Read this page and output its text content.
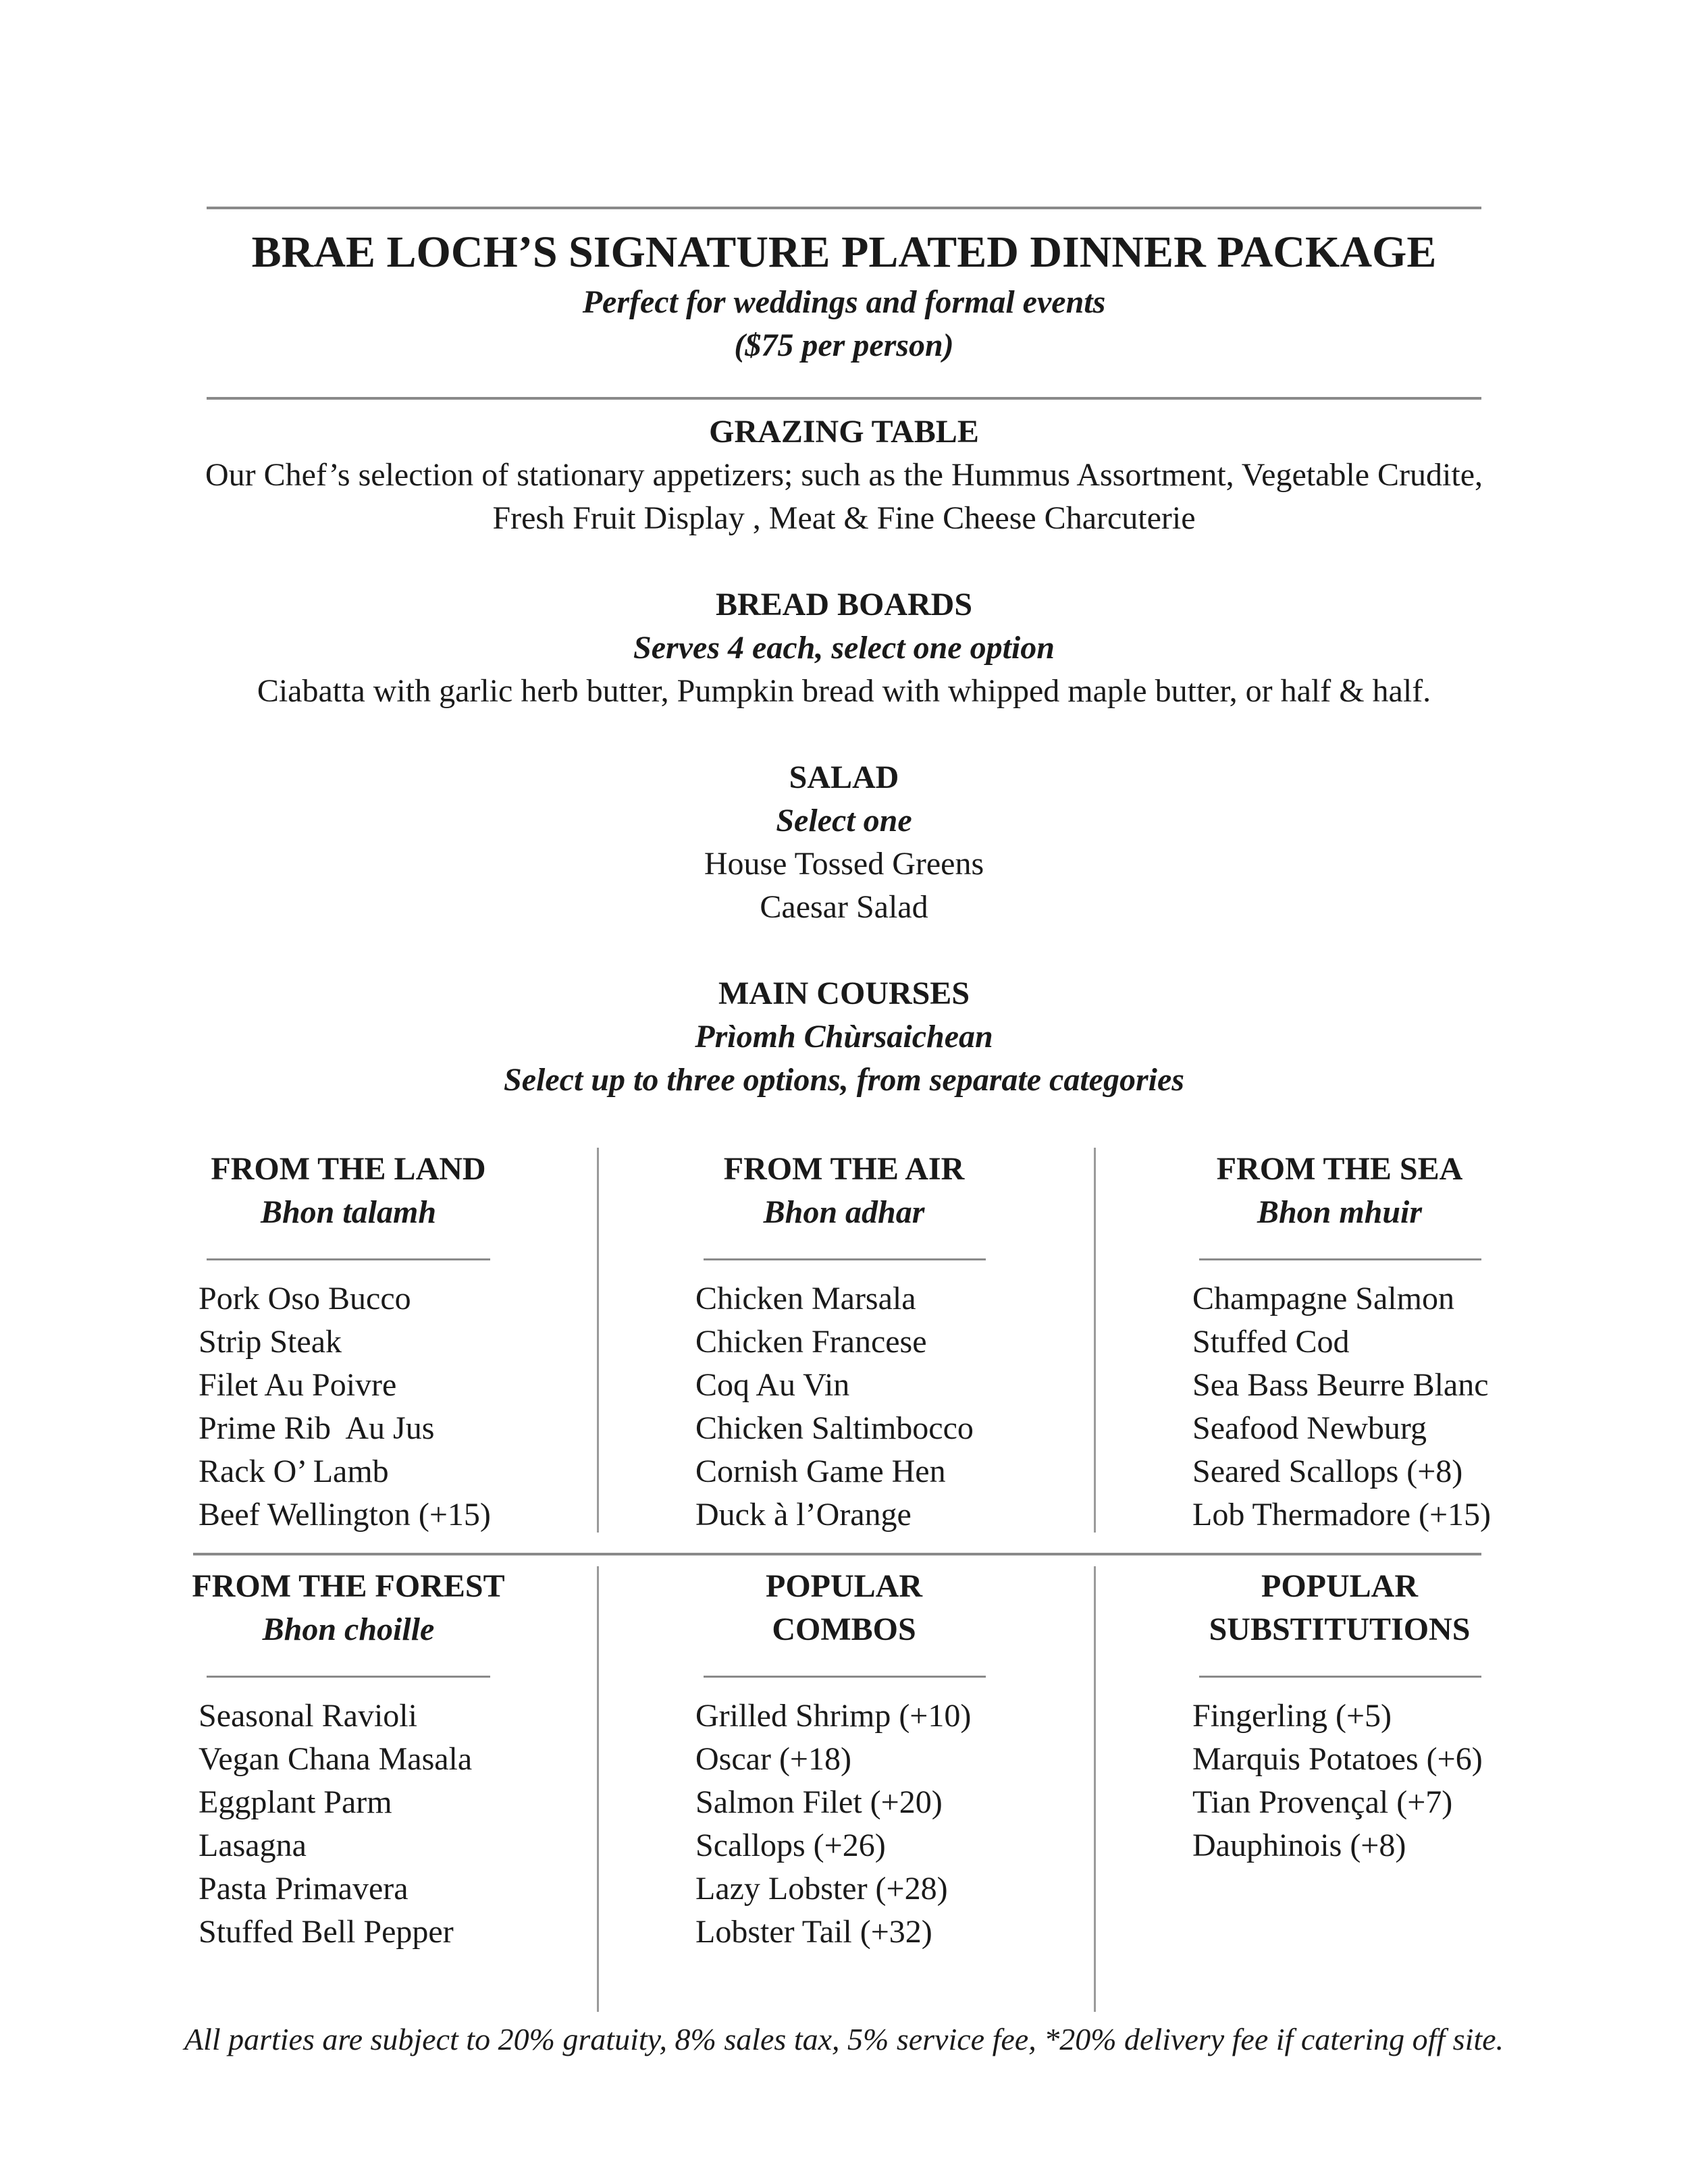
BRAE LOCH’S SIGNATURE PLATED DINNER PACKAGE
Perfect for weddings and formal events
($75 per person)
GRAZING TABLE
Our Chef’s selection of stationary appetizers; such as the Hummus Assortment, Vegetable Crudite,
Fresh Fruit Display , Meat & Fine Cheese Charcuterie
BREAD BOARDS
Serves 4 each, select one option
Ciabatta with garlic herb butter, Pumpkin bread with whipped maple butter, or half & half.
SALAD
Select one
House Tossed Greens
Caesar Salad
MAIN COURSES
Prìomh Chùrsaichean
Select up to three options, from separate categories
FROM THE LAND
Bhon talamh
Pork Oso Bucco
Strip Steak
Filet Au Poivre
Prime Rib  Au Jus
Rack O’ Lamb
Beef Wellington (+15)
FROM THE AIR
Bhon adhar
Chicken Marsala
Chicken Francese
Coq Au Vin
Chicken Saltimbocco
Cornish Game Hen
Duck à l’Orange
FROM THE SEA
Bhon mhuir
Champagne Salmon
Stuffed Cod
Sea Bass Beurre Blanc
Seafood Newburg
Seared Scallops (+8)
Lob Thermadore (+15)
FROM THE FOREST
Bhon choille
Seasonal Ravioli
Vegan Chana Masala
Eggplant Parm
Lasagna
Pasta Primavera
Stuffed Bell Pepper
POPULAR
COMBOS
Grilled Shrimp (+10)
Oscar (+18)
Salmon Filet (+20)
Scallops (+26)
Lazy Lobster (+28)
Lobster Tail (+32)
POPULAR
SUBSTITUTIONS
Fingerling (+5)
Marquis Potatoes (+6)
Tian Provençal (+7)
Dauphinois (+8)
All parties are subject to 20% gratuity, 8% sales tax, 5% service fee, *20% delivery fee if catering off site.
